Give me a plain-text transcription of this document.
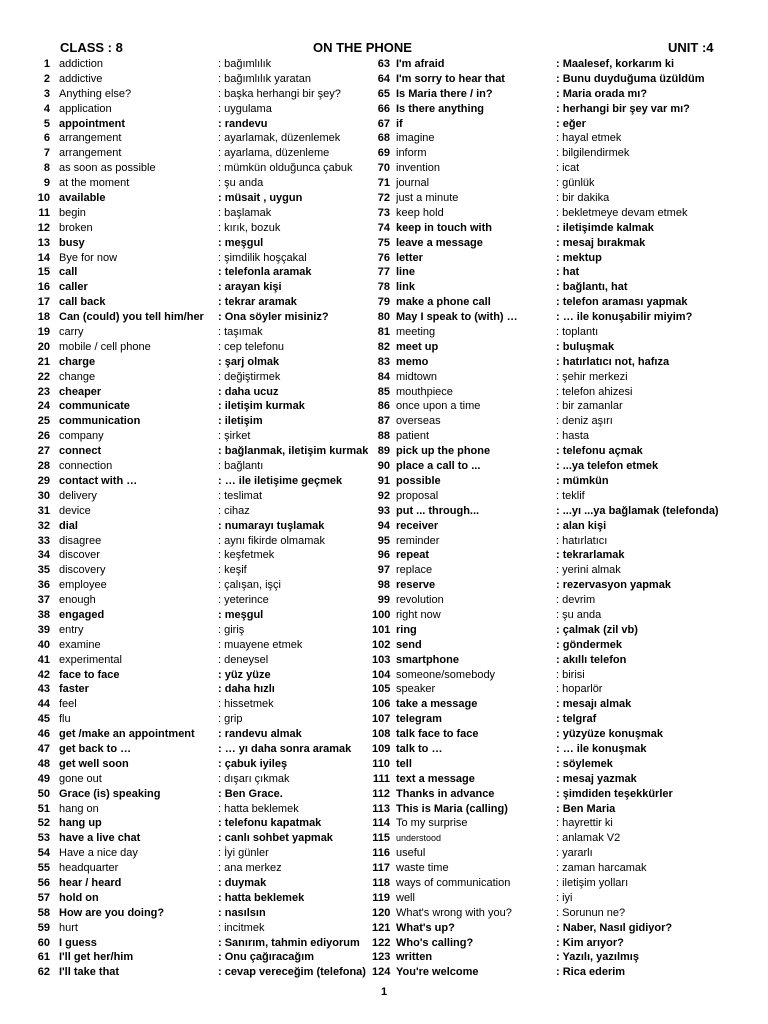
CLASS : 8	ON THE PHONE	UNIT :4
1 addiction	: bağımlılık
2 addictive	: bağımlılık yaratan
3 Anything else?	: başka herhangi bir şey?
4 application	: uygulama
5 appointment	: randevu
6 arrangement	: ayarlamak, düzenlemek
7 arrangement	: ayarlama, düzenleme
8 as soon as possible	: mümkün olduğunca çabuk
9 at the moment	: şu anda
10 available	: müsait , uygun
11 begin	: başlamak
12 broken	: kırık, bozuk
13 busy	: meşgul
14 Bye for now	: şimdilik hoşçakal
15 call	: telefonla aramak
16 caller	: arayan kişi
17 call back	: tekrar aramak
18 Can (could) you tell him/her	: Ona söyler misiniz?
19 carry	: taşımak
20 mobile / cell phone	: cep telefonu
21 charge	: şarj olmak
22 change	: değiştirmek
23 cheaper	: daha ucuz
24 communicate	: iletişim kurmak
25 communication	: iletişim
26 company	: şirket
27 connect	: bağlanmak, iletişim kurmak
28 connection	: bağlantı
29 contact with …	: … ile iletişime geçmek
30 delivery	: teslimat
31 device	: cihaz
32 dial	: numarayı tuşlamak
33 disagree	: aynı fikirde olmamak
34 discover	: keşfetmek
35 discovery	: keşif
36 employee	: çalışan, işçi
37 enough	: yeterince
38 engaged	: meşgul
39 entry	: giriş
40 examine	: muayene etmek
41 experimental	: deneysel
42 face to face	: yüz yüze
43 faster	: daha hızlı
44 feel	: hissetmek
45 flu	: grip
46 get /make an appointment	: randevu almak
47 get back to …	: … yı daha sonra aramak
48 get well soon	: çabuk iyileş
49 gone out	: dışarı çıkmak
50 Grace (is) speaking	: Ben Grace.
51 hang on	: hatta beklemek
52 hang up	: telefonu kapatmak
53 have a live chat	: canlı sohbet yapmak
54 Have a nice day	: İyi günler
55 headquarter	: ana merkez
56 hear / heard	: duymak
57 hold on	: hatta beklemek
58 How are you doing?	: nasılsın
59 hurt	: incitmek
60 I guess	: Sanırım, tahmin ediyorum
61 I'll get her/him	: Onu çağıracağım
62 I'll take that	: cevap vereceğim (telefona)
63 I'm afraid	: Maalesef, korkarım ki
64 I'm sorry to hear that	: Bunu duyduğuma üzüldüm
65 Is Maria there / in?	: Maria orada mı?
66 Is there anything	: herhangi bir şey var mı?
67 if	: eğer
68 imagine	: hayal etmek
69 inform	: bilgilendirmek
70 invention	: icat
71 journal	: günlük
72 just a minute	: bir dakika
73 keep hold	: bekletmeye devam etmek
74 keep in touch with	: iletişimde kalmak
75 leave a message	: mesaj bırakmak
76 letter	: mektup
77 line	: hat
78 link	: bağlantı, hat
79 make a phone call	: telefon araması yapmak
80 May I speak to (with) …	: … ile konuşabilir miyim?
81 meeting	: toplantı
82 meet up	: buluşmak
83 memo	: hatırlatıcı not, hafıza
84 midtown	: şehir merkezi
85 mouthpiece	: telefon ahizesi
86 once upon a time	: bir zamanlar
87 overseas	: deniz aşırı
88 patient	: hasta
89 pick up the phone	: telefonu açmak
90 place a call to ...	: ...ya telefon etmek
91 possible	: mümkün
92 proposal	: teklif
93 put ... through...	: ...yı ...ya bağlamak (telefonda)
94 receiver	: alan kişi
95 reminder	: hatırlatıcı
96 repeat	: tekrarlamak
97 replace	: yerini almak
98 reserve	: rezervasyon yapmak
99 revolution	: devrim
100 right now	: şu anda
101 ring	: çalmak (zil vb)
102 send	: göndermek
103 smartphone	: akıllı telefon
104 someone/somebody	: birisi
105 speaker	: hoparlör
106 take a message	: mesajı almak
107 telegram	: telgraf
108 talk face to face	: yüzyüze konuşmak
109 talk to …	: … ile konuşmak
110 tell	: söylemek
111 text a message	: mesaj yazmak
112 Thanks in advance	: şimdiden teşekkürler
113 This is Maria (calling)	: Ben Maria
114 To my surprise	: hayrettir ki
115 understood	: anlamak V2
116 useful	: yararlı
117 waste time	: zaman harcamak
118 ways of communication	: iletişim yolları
119 well	: iyi
120 What's wrong with you?	: Sorunun ne?
121 What's up?	: Naber, Nasıl gidiyor?
122 Who's calling?	: Kim arıyor?
123 written	: Yazılı, yazılmış
124 You're welcome	: Rica ederim
1
